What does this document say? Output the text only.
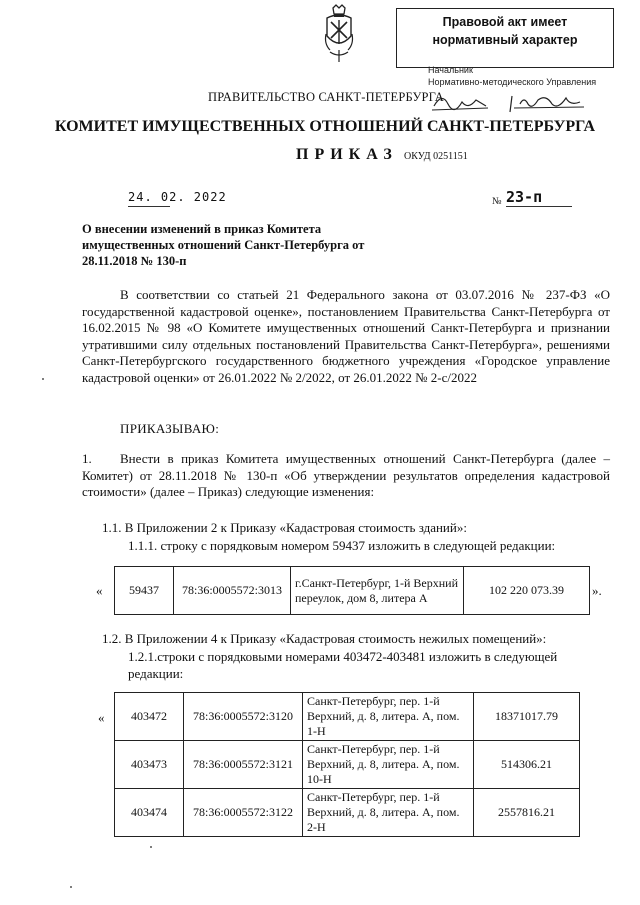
Правовой акт имеет
нормативный характер
Начальник
Нормативно-методического Управления
ПРАВИТЕЛЬСТВО САНКТ-ПЕТЕРБУРГА
КОМИТЕТ ИМУЩЕСТВЕННЫХ ОТНОШЕНИЙ САНКТ-ПЕТЕРБУРГА
ПРИКАЗ ОКУД 0251151
24. 02. 2022	№ 23-п
О внесении изменений в приказ Комитета имущественных отношений Санкт-Петербурга от 28.11.2018 № 130-п
В соответствии со статьей 21 Федерального закона от 03.07.2016 № 237-ФЗ «О государственной кадастровой оценке», постановлением Правительства Санкт-Петербурга от 16.02.2015 № 98 «О Комитете имущественных отношений Санкт-Петербурга и признании утратившими силу отдельных постановлений Правительства Санкт-Петербурга», решениями Санкт-Петербургского государственного бюджетного учреждения «Городское управление кадастровой оценки» от 26.01.2022 № 2/2022, от 26.01.2022 № 2-с/2022
ПРИКАЗЫВАЮ:
1. Внести в приказ Комитета имущественных отношений Санкт-Петербурга (далее – Комитет) от 28.11.2018 № 130-п «Об утверждении результатов определения кадастровой стоимости» (далее – Приказ) следующие изменения:
1.1. В Приложении 2 к Приказу «Кадастровая стоимость зданий»:
1.1.1. строку с порядковым номером 59437 изложить в следующей редакции:
« 59437	78:36:0005572:3013	г.Санкт-Петербург, 1-й Верхний переулок, дом 8, литера А	102 220 073.39 ».
1.2. В Приложении 4 к Приказу «Кадастровая стоимость нежилых помещений»:
1.2.1.строки с порядковыми номерами 403472-403481 изложить в следующей редакции:
« 403472	78:36:0005572:3120	Санкт-Петербург, пер. 1-й Верхний, д. 8, литера. А, пом. 1-Н	18371017.79
403473	78:36:0005572:3121	Санкт-Петербург, пер. 1-й Верхний, д. 8, литера. А, пом. 10-Н	514306.21
403474	78:36:0005572:3122	Санкт-Петербург, пер. 1-й Верхний, д. 8, литера. А, пом. 2-Н	2557816.21
